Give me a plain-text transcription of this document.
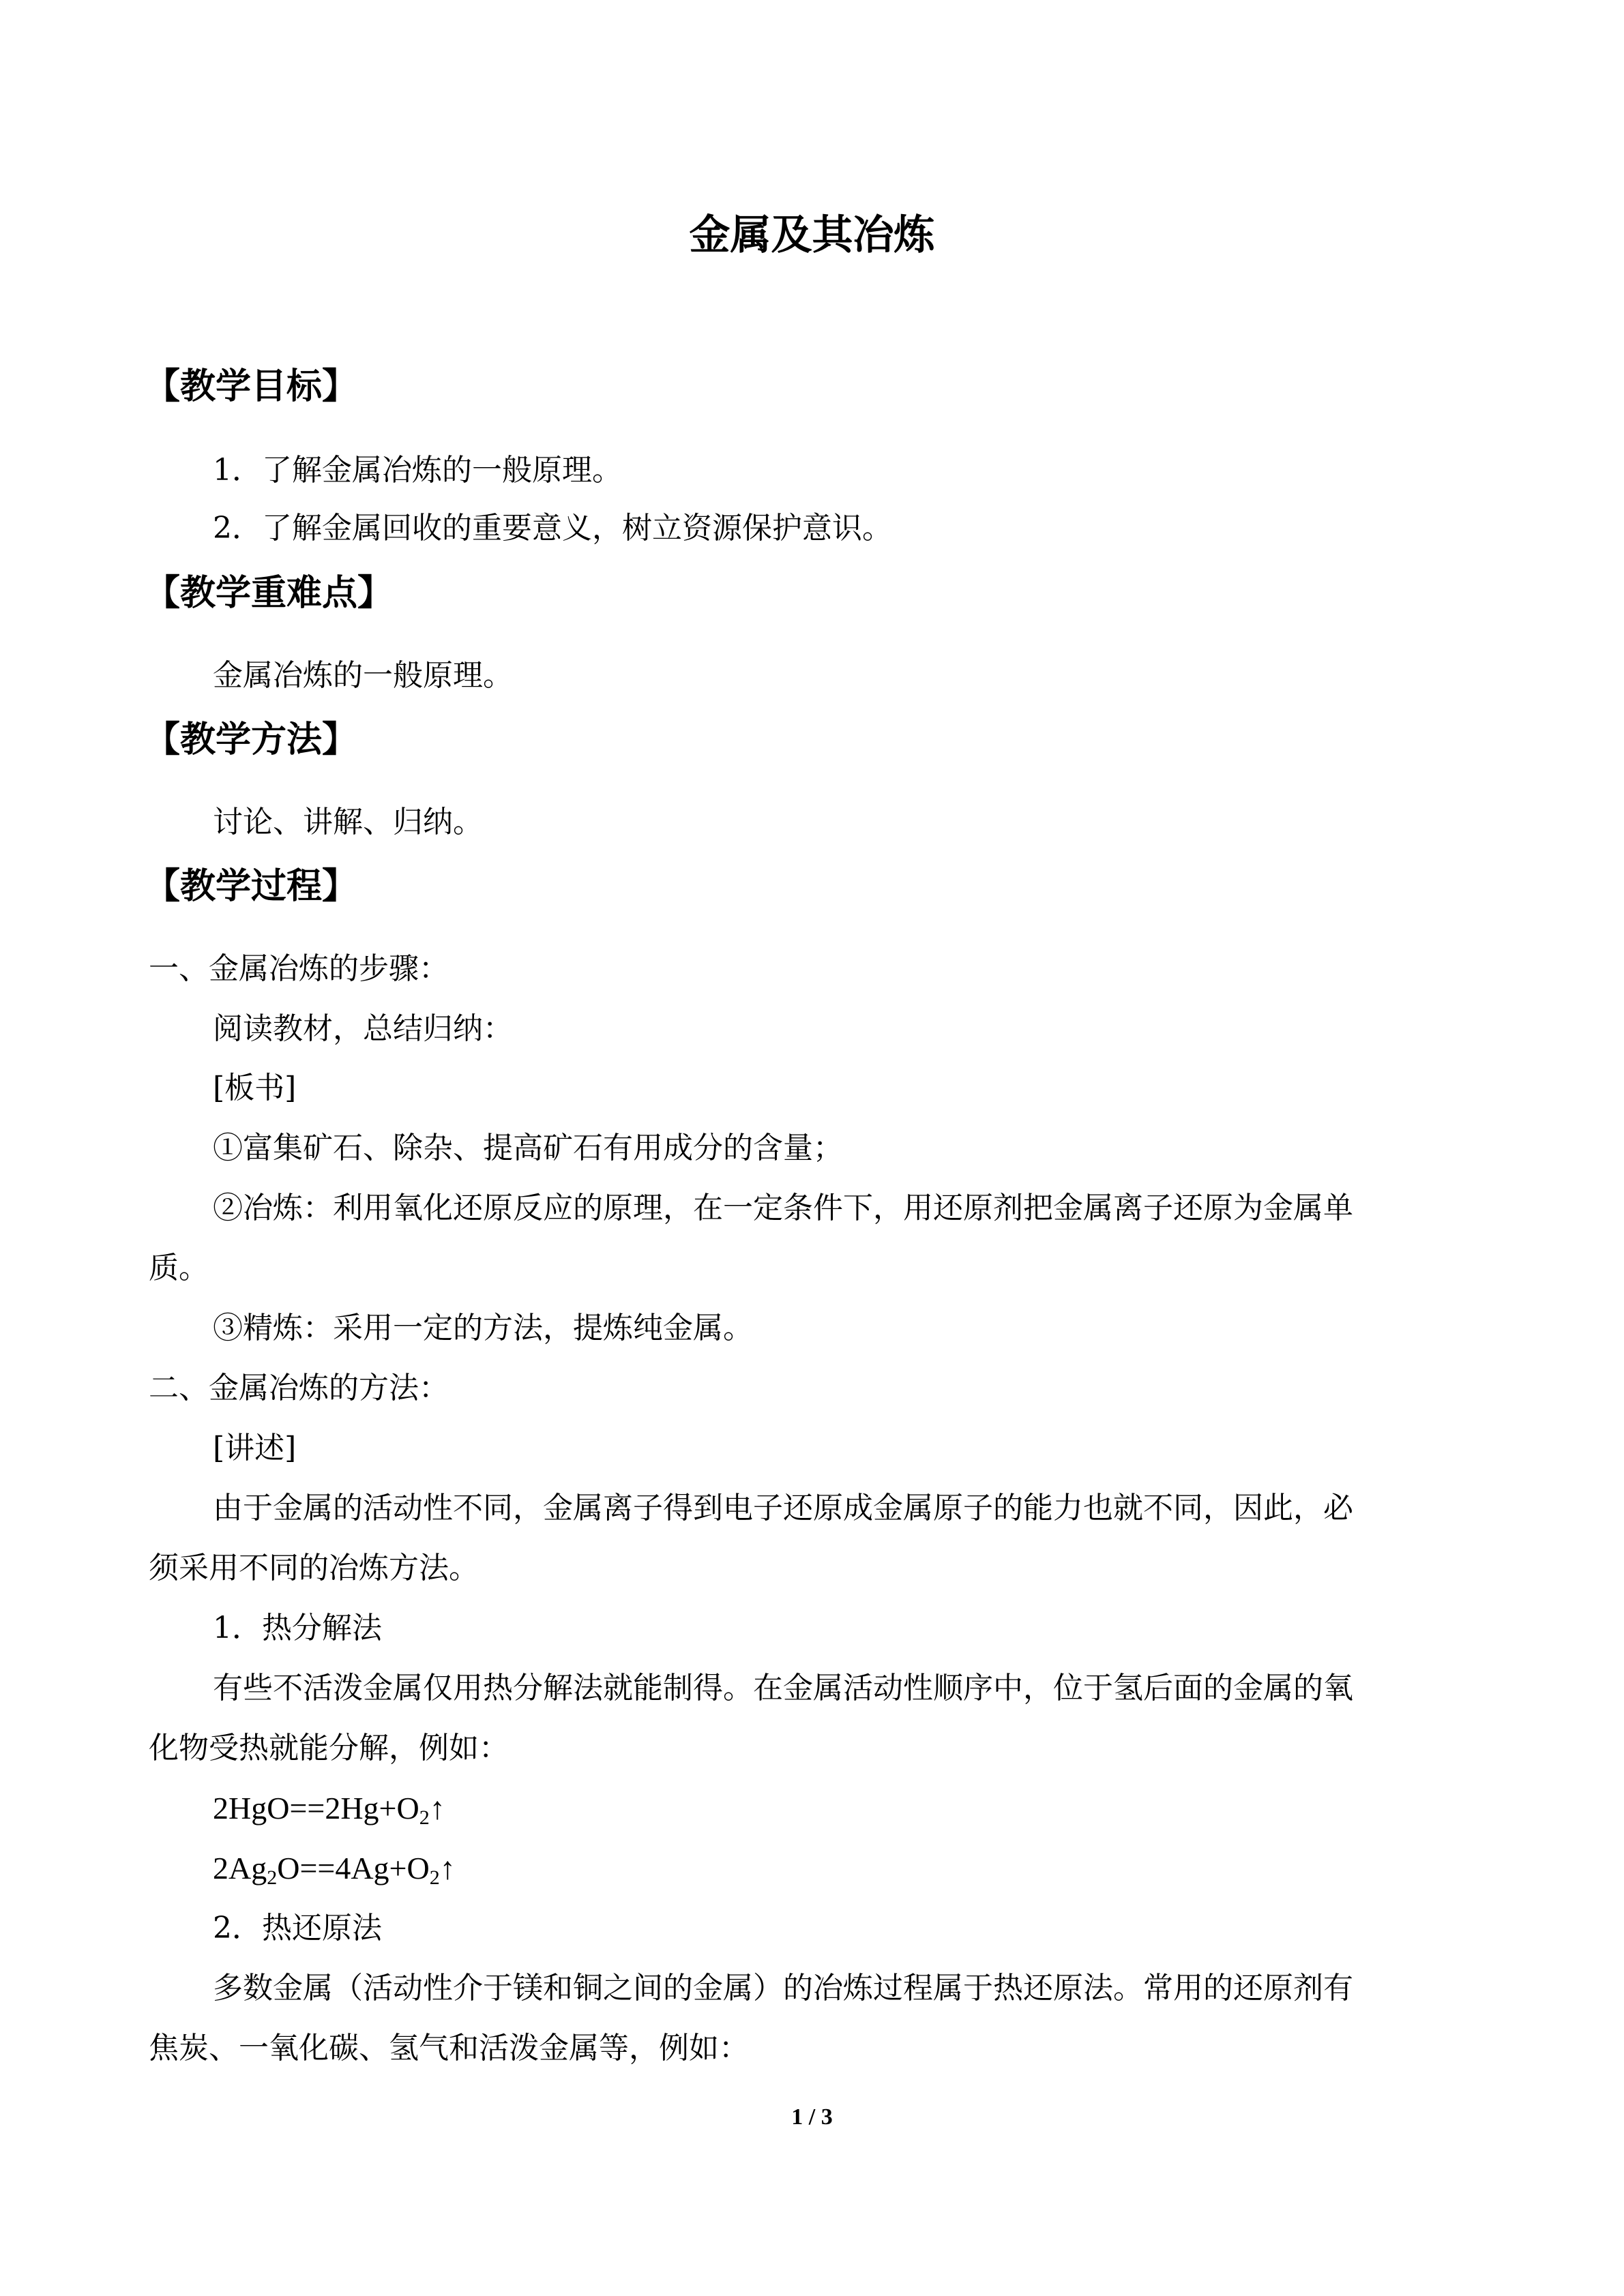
金属及其冶炼
【教学目标】
1．了解金属冶炼的一般原理。
2．了解金属回收的重要意义，树立资源保护意识。
【教学重难点】
金属冶炼的一般原理。
【教学方法】
讨论、讲解、归纳。
【教学过程】
一、金属冶炼的步骤：
阅读教材，总结归纳：
[板书]
①富集矿石、除杂、提高矿石有用成分的含量；
②冶炼：利用氧化还原反应的原理，在一定条件下，用还原剂把金属离子还原为金属单
质。
③精炼：采用一定的方法，提炼纯金属。
二、金属冶炼的方法：
[讲述]
由于金属的活动性不同，金属离子得到电子还原成金属原子的能力也就不同，因此，必
须采用不同的冶炼方法。
1．热分解法
有些不活泼金属仅用热分解法就能制得。在金属活动性顺序中，位于氢后面的金属的氧
化物受热就能分解，例如：
$2HgO==2Hg+O_2↑$
$2Ag_2O==4Ag+O_2↑$
2．热还原法
多数金属（活动性介于镁和铜之间的金属）的冶炼过程属于热还原法。常用的还原剂有
焦炭、一氧化碳、氢气和活泼金属等，例如：
1 / 3
